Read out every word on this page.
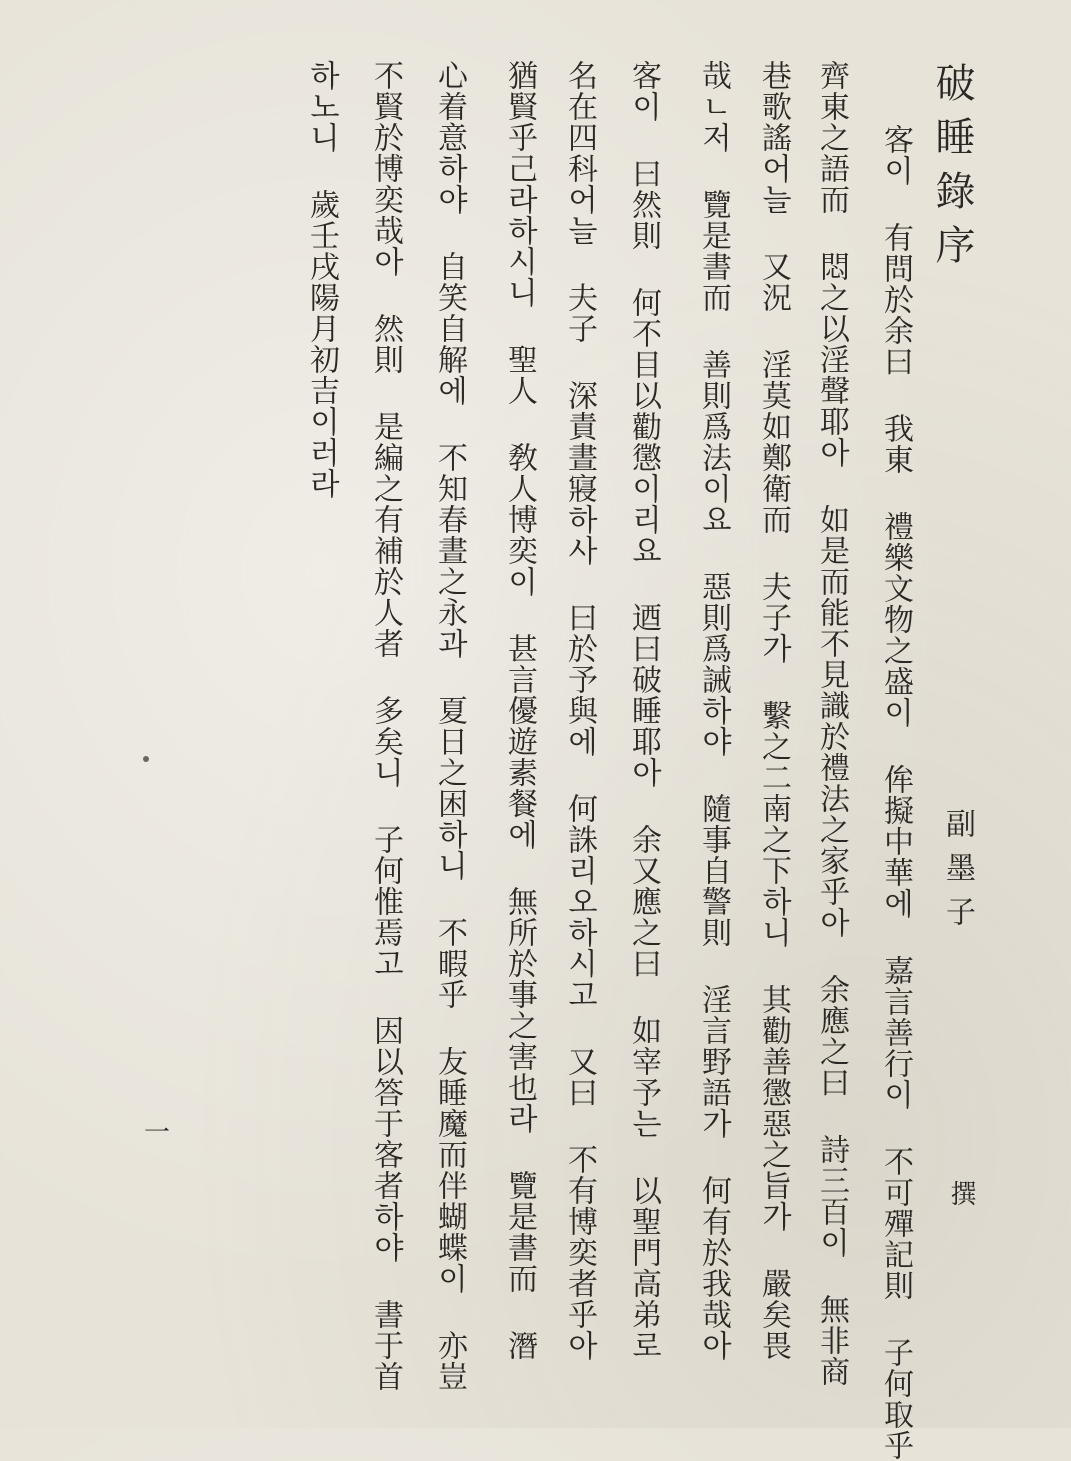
破睡錄序
副墨子
撰
客이 有問於余曰 我東 禮樂文物之盛이 侔擬中華에 嘉言善行이 不可殫記則 子何取乎
齊東之語而 悶之以淫聲耶아 如是而能不見識於禮法之家乎아 余應之曰 詩三百이 無非商
巷歌謠어늘 又況 淫莫如鄭衛而 夫子가 繫之二南之下하니 其勸善懲惡之旨가 嚴矣畏
哉ㄴ저 覽是書而 善則爲法이요 惡則爲誡하야 隨事自警則 淫言野語가 何有於我哉아
客이 曰然則 何不目以勸懲이리요 迺曰破睡耶아 余又應之曰 如宰予는 以聖門高弟로
名在四科어늘 夫子 深責晝寢하사 曰於予與에 何誅리오하시고 又曰 不有博奕者乎아
猶賢乎己라하시니 聖人 敎人博奕이 甚言優遊素餐에 無所於事之害也라 覽是書而 潛
心着意하야 自笑自解에 不知春晝之永과 夏日之困하니 不暇乎 友睡魔而伴蝴蝶이 亦豈
不賢於博奕哉아 然則 是編之有補於人者 多矣니 子何惟焉고 因以答于客者하야 書于首
하노니 歲壬戌陽月初吉이러라
一
